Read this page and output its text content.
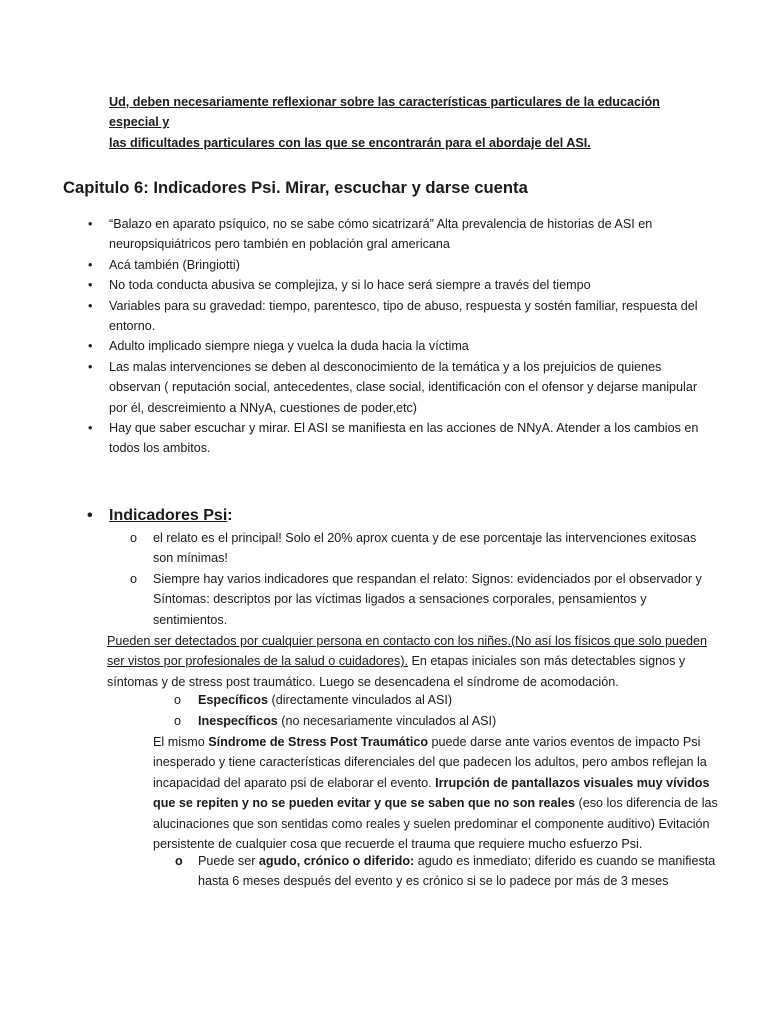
Ud, deben necesariamente reflexionar sobre las características particulares de la educación especial y

las dificultades particulares con las que se encontrarán para el abordaje del ASI.

Capitulo 6: Indicadores Psi. Mirar, escuchar y darse cuenta
• “Balazo en aparato psíquico, no se sabe cómo sicatrizará” Alta prevalencia de historias de ASI en neuropsiquiátricos pero también en población gral americana
• Acá también (Bringiotti)
• No toda conducta abusiva se complejiza, y si lo hace será siempre a través del tiempo
• Variables para su gravedad: tiempo, parentesco, tipo de abuso, respuesta y sostén familiar, respuesta del entorno.
• Adulto implicado siempre niega y vuelca la duda hacia la víctima
• Las malas intervenciones se deben al desconocimiento de la temática y a los prejuicios de quienes observan ( reputación social, antecedentes, clase social, identificación con el ofensor y dejarse manipular por él, descreimiento a NNyA, cuestiones de poder,etc)
• Hay que saber escuchar y mirar. El ASI se manifiesta en las acciones de NNyA. Atender a los cambios en todos los ambitos.
• Indicadores Psi:
o el relato es el principal! Solo el 20% aprox cuenta y de ese porcentaje las intervenciones exitosas son mínimas!
o Siempre hay varios indicadores que respandan el relato: Signos: evidenciados por el observador y Síntomas: descriptos por las víctimas ligados a sensaciones corporales, pensamientos y sentimientos.
Pueden ser detectados por cualquier persona en contacto con los niñes.(No así los físicos que solo pueden ser vistos por profesionales de la salud o cuidadores). En etapas iniciales son más detectables signos y síntomas y de stress post traumático. Luego se desencadena el síndrome de acomodación.
o Específicos (directamente vinculados al ASI)
o Inespecíficos (no necesariamente vinculados al ASI)
El mismo Síndrome de Stress Post Traumático puede darse ante varios eventos de impacto Psi inesperado y tiene características diferenciales del que padecen los adultos, pero ambos reflejan la incapacidad del aparato psi de elaborar el evento. Irrupción de pantallazos visuales muy vívidos que se repiten y no se pueden evitar y que se saben que no son reales (eso los diferencia de las alucinaciones que son sentidas como reales y suelen predominar el componente auditivo) Evitación persistente de cualquier cosa que recuerde el trauma que requiere mucho esfuerzo Psi.
o Puede ser agudo, crónico o diferido: agudo es inmediato; diferido es cuando se manifiesta hasta 6 meses después del evento y es crónico si se lo padece por más de 3 meses
